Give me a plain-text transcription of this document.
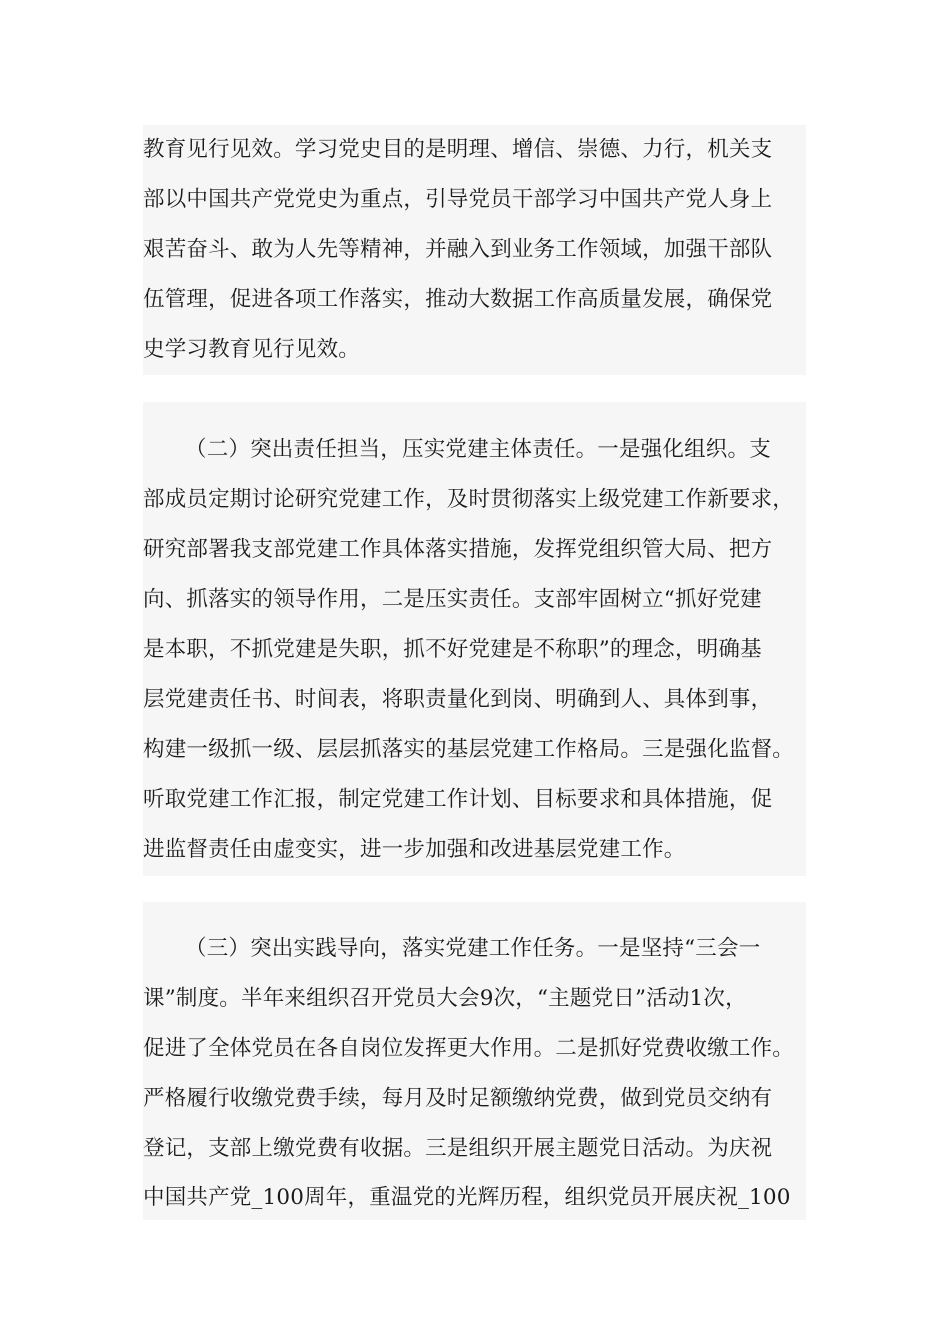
教育见行见效。学习党史目的是明理、增信、崇德、力行，机关支
部以中国共产党党史为重点，引导党员干部学习中国共产党人身上
艰苦奋斗、敢为人先等精神，并融入到业务工作领域，加强干部队
伍管理，促进各项工作落实，推动大数据工作高质量发展，确保党
史学习教育见行见效。
（二）突出责任担当，压实党建主体责任。一是强化组织。支
部成员定期讨论研究党建工作，及时贯彻落实上级党建工作新要求，
研究部署我支部党建工作具体落实措施，发挥党组织管大局、把方
向、抓落实的领导作用，二是压实责任。支部牢固树立“抓好党建
是本职，不抓党建是失职，抓不好党建是不称职”的理念，明确基
层党建责任书、时间表，将职责量化到岗、明确到人、具体到事，
构建一级抓一级、层层抓落实的基层党建工作格局。三是强化监督。
听取党建工作汇报，制定党建工作计划、目标要求和具体措施，促
进监督责任由虚变实，进一步加强和改进基层党建工作。
（三）突出实践导向，落实党建工作任务。一是坚持“三会一
课”制度。半年来组织召开党员大会9次，“主题党日”活动1次，
促进了全体党员在各自岗位发挥更大作用。二是抓好党费收缴工作。
严格履行收缴党费手续，每月及时足额缴纳党费，做到党员交纳有
登记，支部上缴党费有收据。三是组织开展主题党日活动。为庆祝
中国共产党_100周年，重温党的光辉历程，组织党员开展庆祝_100
